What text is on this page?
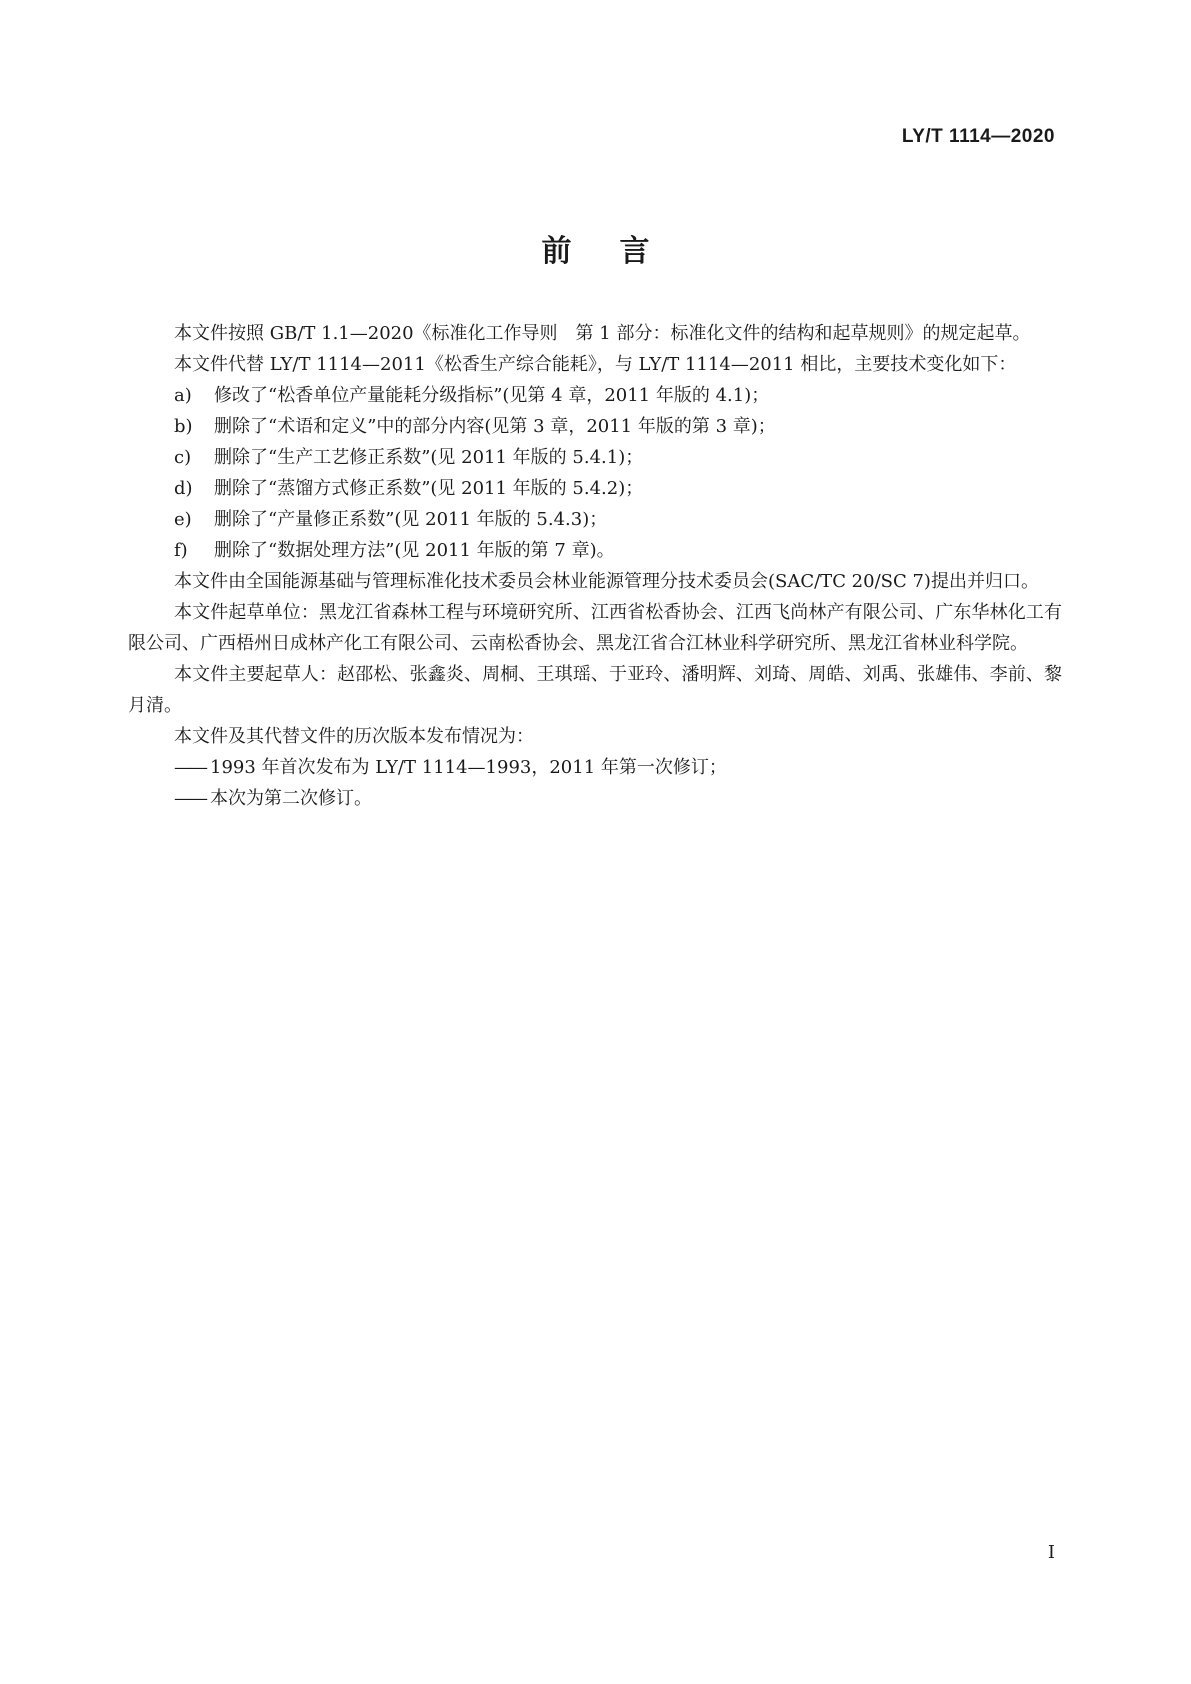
LY/T 1114—2020
前言

本文件按照 GB/T 1.1—2020《标准化工作导则　第 1 部分：标准化文件的结构和起草规则》的规定起草。

本文件代替 LY/T 1114—2011《松香生产综合能耗》，与 LY/T 1114—2011 相比，主要技术变化如下：

a) 修改了“松香单位产量能耗分级指标”(见第 4 章，2011 年版的 4.1)；

b) 删除了“术语和定义”中的部分内容(见第 3 章，2011 年版的第 3 章)；

c) 删除了“生产工艺修正系数”(见 2011 年版的 5.4.1)；

d) 删除了“蒸馏方式修正系数”(见 2011 年版的 5.4.2)；

e) 删除了“产量修正系数”(见 2011 年版的 5.4.3)；

f) 删除了“数据处理方法”(见 2011 年版的第 7 章)。

本文件由全国能源基础与管理标准化技术委员会林业能源管理分技术委员会(SAC/TC 20/SC 7)提出并归口。

本文件起草单位：黑龙江省森林工程与环境研究所、江西省松香协会、江西飞尚林产有限公司、广东华林化工有限公司、广西梧州日成林产化工有限公司、云南松香协会、黑龙江省合江林业科学研究所、黑龙江省林业科学院。

本文件主要起草人：赵邵松、张鑫炎、周桐、王琪瑶、于亚玲、潘明辉、刘琦、周皓、刘禹、张雄伟、李前、黎月清。

本文件及其代替文件的历次版本发布情况为：

—— 1993 年首次发布为 LY/T 1114—1993，2011 年第一次修订；

—— 本次为第二次修订。

I
